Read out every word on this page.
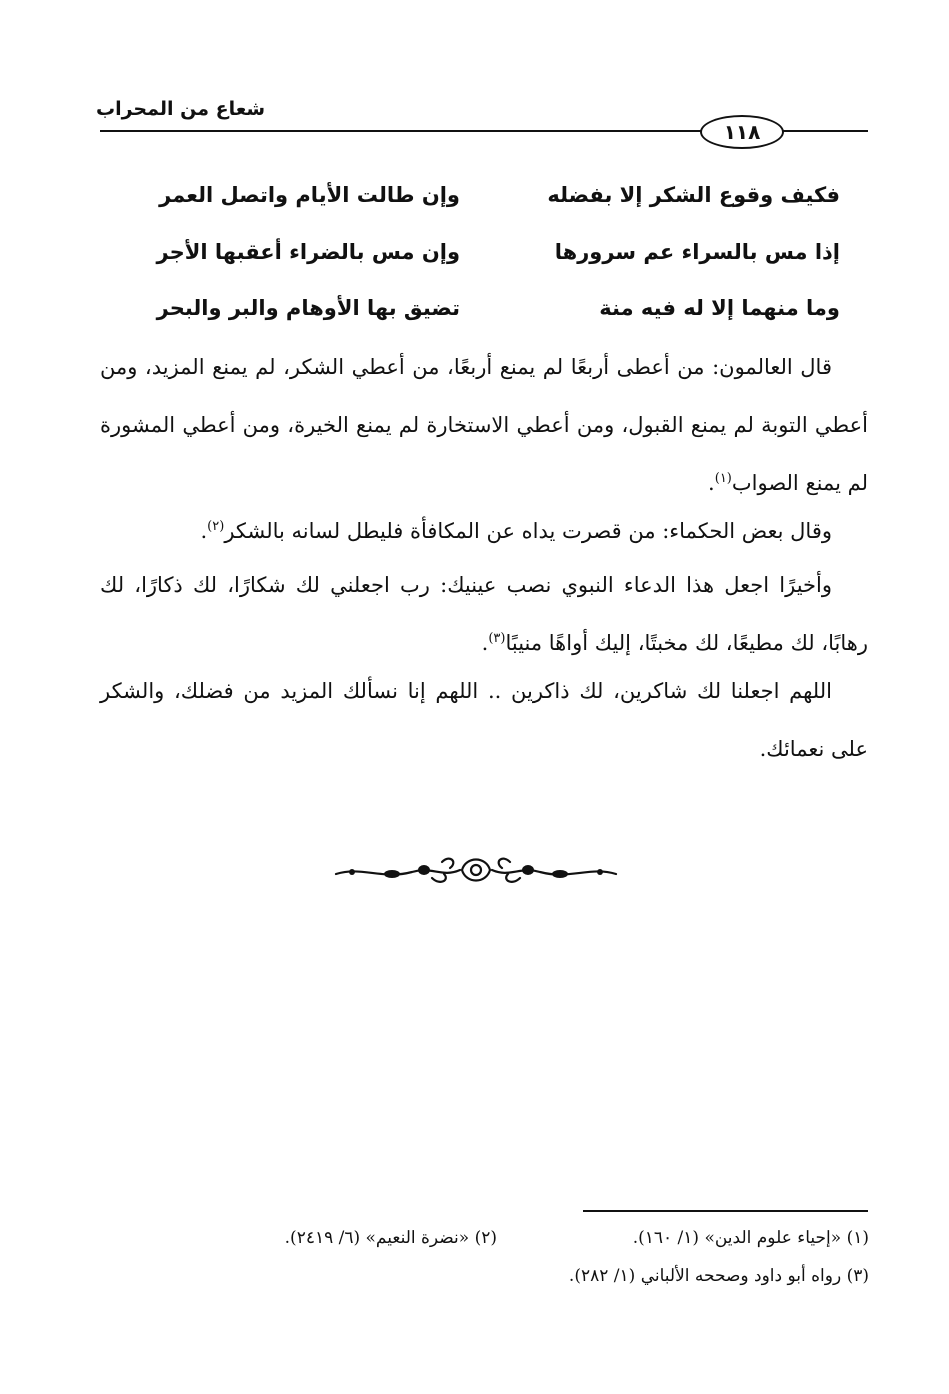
شعاع من المحراب
١١٨
فكيف وقوع الشكر إلا بفضله
وإن طالت الأيام واتصل العمر
إذا مس بالسراء عم سرورها
وإن مس بالضراء أعقبها الأجر
وما منهما إلا له فيه منة
تضيق بها الأوهام والبر والبحر
قال العالمون: من أعطى أربعًا لم يمنع أربعًا، من أعطي الشكر، لم يمنع المزيد، ومن أعطي التوبة لم يمنع القبول، ومن أعطي الاستخارة لم يمنع الخيرة، ومن أعطي المشورة لم يمنع الصواب$^{(١)}$.
وقال بعض الحكماء: من قصرت يداه عن المكافأة فليطل لسانه بالشكر$^{(٢)}$.
وأخيرًا اجعل هذا الدعاء النبوي نصب عينيك: رب اجعلني لك شكارًا، لك ذكارًا، لك رهابًا، لك مطيعًا، لك مخبتًا، إليك أواهًا منيبًا$^{(٣)}$.
اللهم اجعلنا لك شاكرين، لك ذاكرين .. اللهم إنا نسألك المزيد من فضلك، والشكر على نعمائك.
(١) «إحياء علوم الدين» (١/ ١٦٠).
(٢) «نضرة النعيم» (٦/ ٢٤١٩).
(٣) رواه أبو داود وصححه الألباني (١/ ٢٨٢).
